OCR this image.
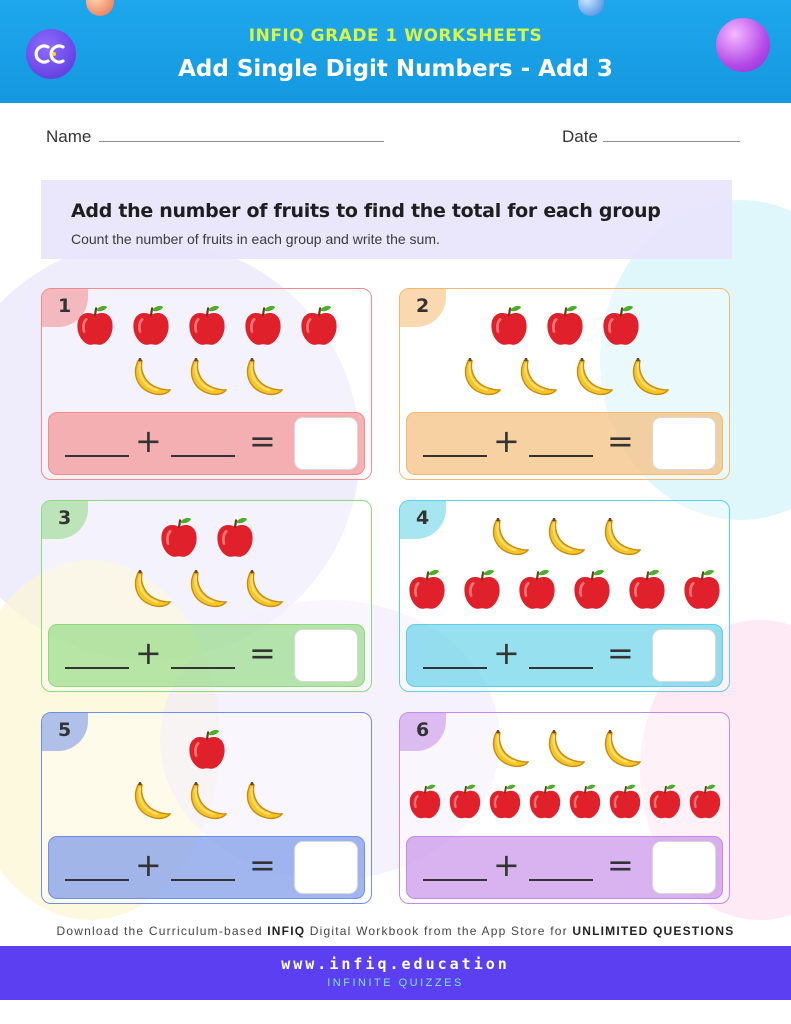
INFIQ GRADE 1 WORKSHEETS
Add Single Digit Numbers - Add 3
Name	Date
Add the number of fruits to find the total for each group
Count the number of fruits in each group and write the sum.
1
+	=
2
+	=
3
+	=
4
+	=
5
+	=
6
+	=
Download the Curriculum-based INFIQ Digital Workbook from the App Store for UNLIMITED QUESTIONS
www.infiq.education
INFINITE QUIZZES
